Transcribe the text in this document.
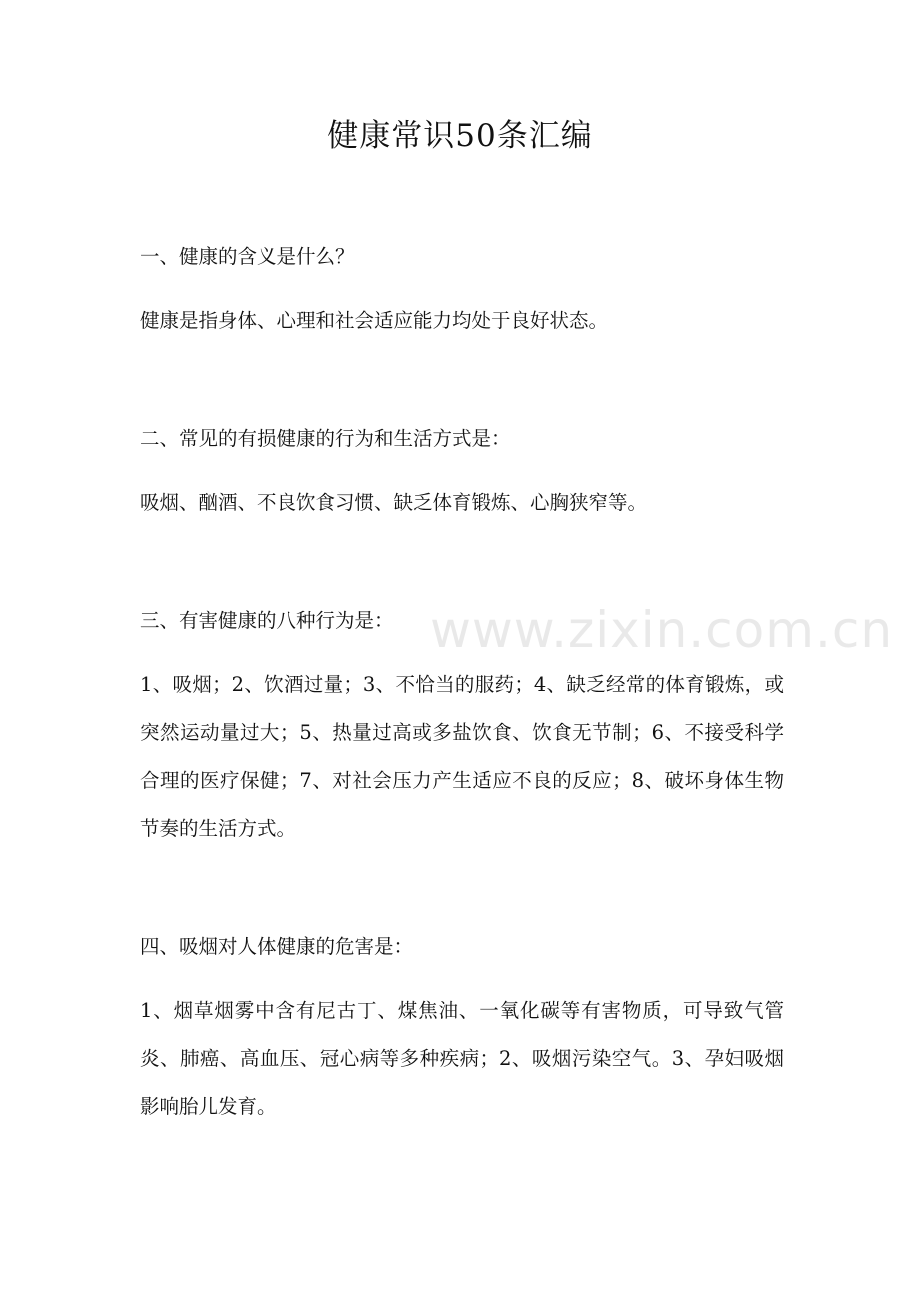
www.zixin.com.cn
健康常识50条汇编
一、健康的含义是什么？
健康是指身体、心理和社会适应能力均处于良好状态。
二、常见的有损健康的行为和生活方式是：
吸烟、酗酒、不良饮食习惯、缺乏体育锻炼、心胸狭窄等。
三、有害健康的八种行为是：
1、吸烟；2、饮酒过量；3、不恰当的服药；4、缺乏经常的体育锻炼，或突然运动量过大；5、热量过高或多盐饮食、饮食无节制；6、不接受科学合理的医疗保健；7、对社会压力产生适应不良的反应；8、破坏身体生物节奏的生活方式。
四、吸烟对人体健康的危害是：
1、烟草烟雾中含有尼古丁、煤焦油、一氧化碳等有害物质，可导致气管炎、肺癌、高血压、冠心病等多种疾病；2、吸烟污染空气。3、孕妇吸烟影响胎儿发育。
